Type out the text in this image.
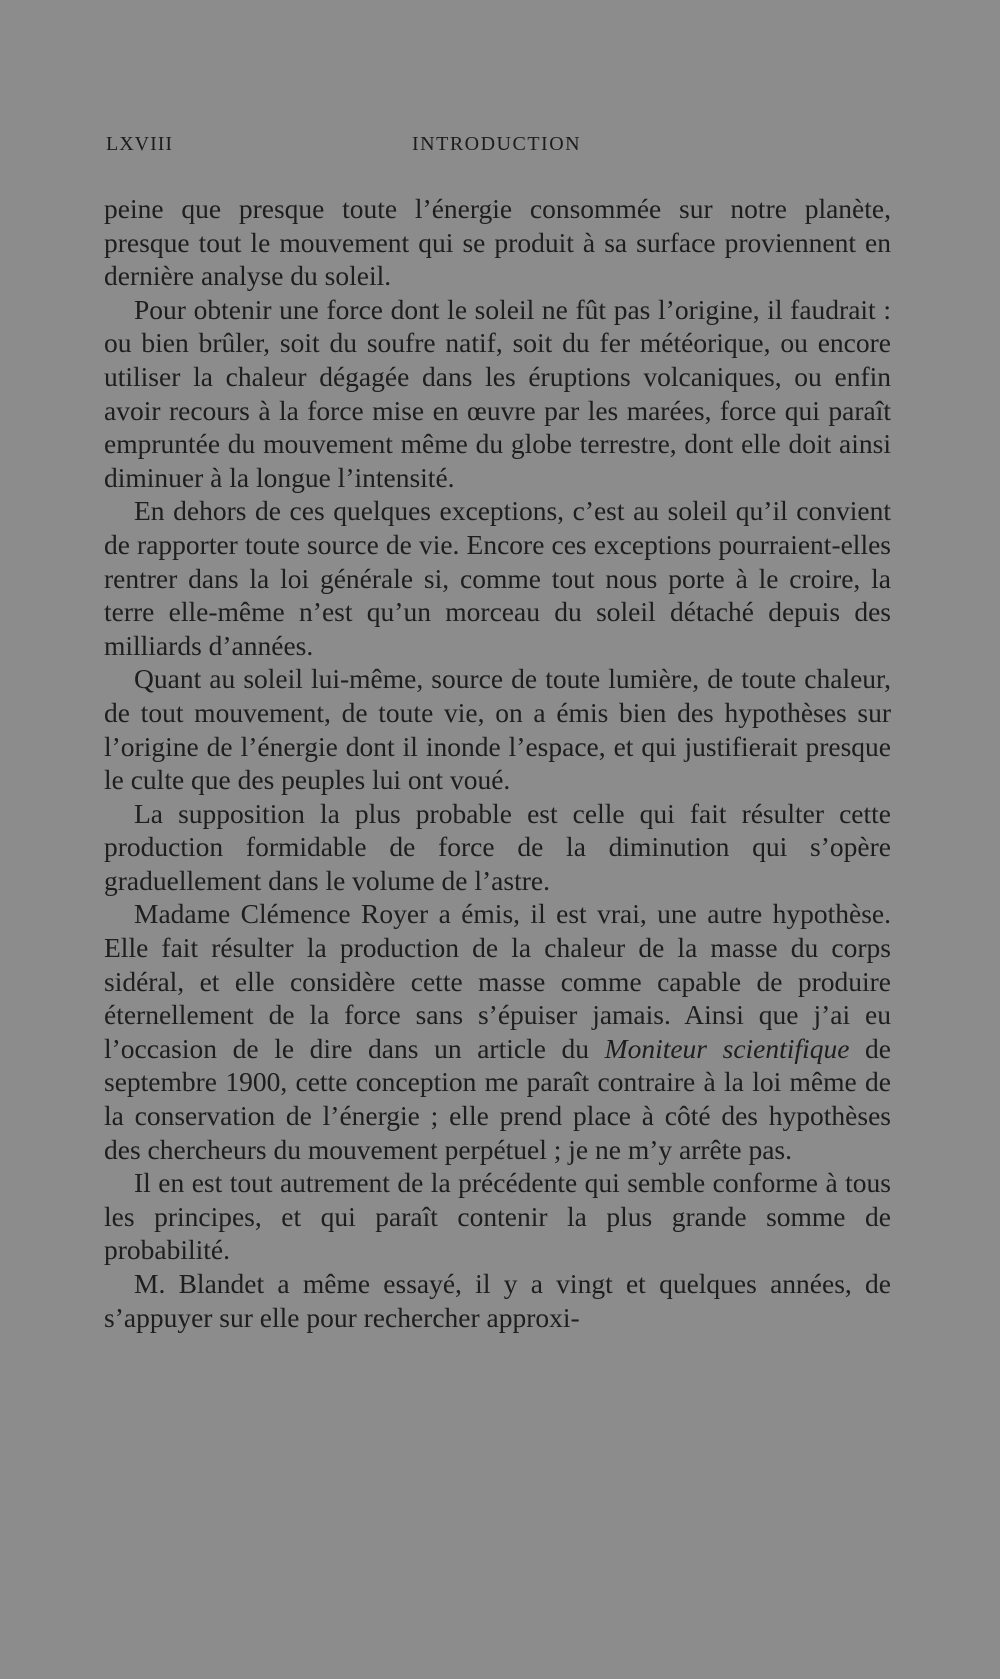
LXVIII	INTRODUCTION

peine que presque toute l’énergie consommée sur notre planète, presque tout le mouvement qui se produit à sa surface proviennent en dernière analyse du soleil.

Pour obtenir une force dont le soleil ne fût pas l’origine, il faudrait : ou bien brûler, soit du soufre natif, soit du fer météorique, ou encore utiliser la chaleur dégagée dans les éruptions volcaniques, ou enfin avoir recours à la force mise en œuvre par les marées, force qui paraît empruntée du mouvement même du globe terrestre, dont elle doit ainsi diminuer à la longue l’intensité.

En dehors de ces quelques exceptions, c’est au soleil qu’il convient de rapporter toute source de vie. Encore ces exceptions pourraient-elles rentrer dans la loi générale si, comme tout nous porte à le croire, la terre elle-même n’est qu’un morceau du soleil détaché depuis des milliards d’années.

Quant au soleil lui-même, source de toute lumière, de toute chaleur, de tout mouvement, de toute vie, on a émis bien des hypothèses sur l’origine de l’énergie dont il inonde l’espace, et qui justifierait presque le culte que des peuples lui ont voué.

La supposition la plus probable est celle qui fait résulter cette production formidable de force de la diminution qui s’opère graduellement dans le volume de l’astre.

Madame Clémence Royer a émis, il est vrai, une autre hypothèse. Elle fait résulter la production de la chaleur de la masse du corps sidéral, et elle considère cette masse comme capable de produire éternellement de la force sans s’épuiser jamais. Ainsi que j’ai eu l’occasion de le dire dans un article du Moniteur scientifique de septembre 1900, cette conception me paraît contraire à la loi même de la conservation de l’énergie ; elle prend place à côté des hypothèses des chercheurs du mouvement perpétuel ; je ne m’y arrête pas.

Il en est tout autrement de la précédente qui semble conforme à tous les principes, et qui paraît contenir la plus grande somme de probabilité.

M. Blandet a même essayé, il y a vingt et quelques années, de s’appuyer sur elle pour rechercher approxi-
